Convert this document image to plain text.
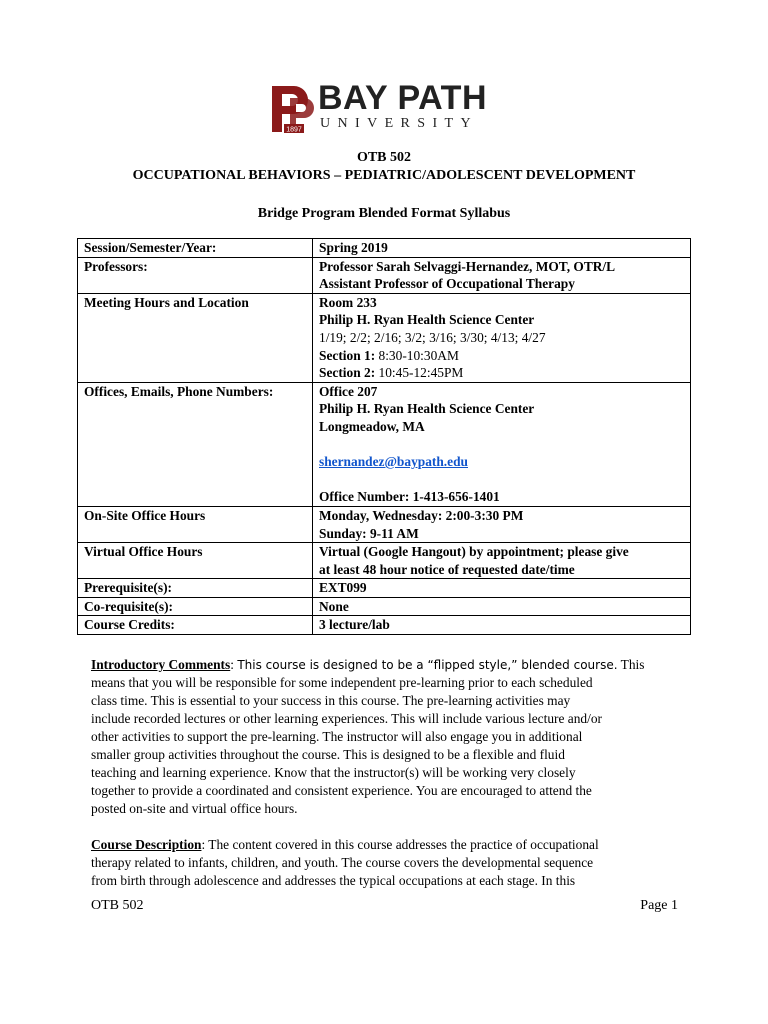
1897
BAY PATH
UNIVERSITY
OTB 502
OCCUPATIONAL BEHAVIORS – PEDIATRIC/ADOLESCENT DEVELOPMENT
Bridge Program Blended Format Syllabus
Session/Semester/Year:	Spring 2019
Professors:	Professor Sarah Selvaggi-Hernandez, MOT, OTR/L
Assistant Professor of Occupational Therapy

Meeting Hours and Location	Room 233
Philip H. Ryan Health Science Center
1/19; 2/2; 2/16; 3/2; 3/16; 3/30; 4/13; 4/27
Section 1: 8:30-10:30AM
Section 2: 10:45-12:45PM

Offices, Emails, Phone Numbers:	Office 207
Philip H. Ryan Health Science Center
Longmeadow, MA
shernandez@baypath.edu
Office Number: 1-413-656-1401

On-Site Office Hours	Monday, Wednesday: 2:00-3:30 PM
Sunday: 9-11 AM

Virtual Office Hours	Virtual (Google Hangout) by appointment; please give
at least 48 hour notice of requested date/time

Prerequisite(s):	EXT099
Co-requisite(s):	None
Course Credits:	3 lecture/lab
Introductory Comments: This course is designed to be a “flipped style,” blended course. This
means that you will be responsible for some independent pre-learning prior to each scheduled
class time. This is essential to your success in this course. The pre-learning activities may
include recorded lectures or other learning experiences. This will include various lecture and/or
other activities to support the pre-learning. The instructor will also engage you in additional
smaller group activities throughout the course. This is designed to be a flexible and fluid
teaching and learning experience. Know that the instructor(s) will be working very closely
together to provide a coordinated and consistent experience. You are encouraged to attend the
posted on-site and virtual office hours.
Course Description: The content covered in this course addresses the practice of occupational
therapy related to infants, children, and youth. The course covers the developmental sequence
from birth through adolescence and addresses the typical occupations at each stage. In this
OTB 502	Page 1
